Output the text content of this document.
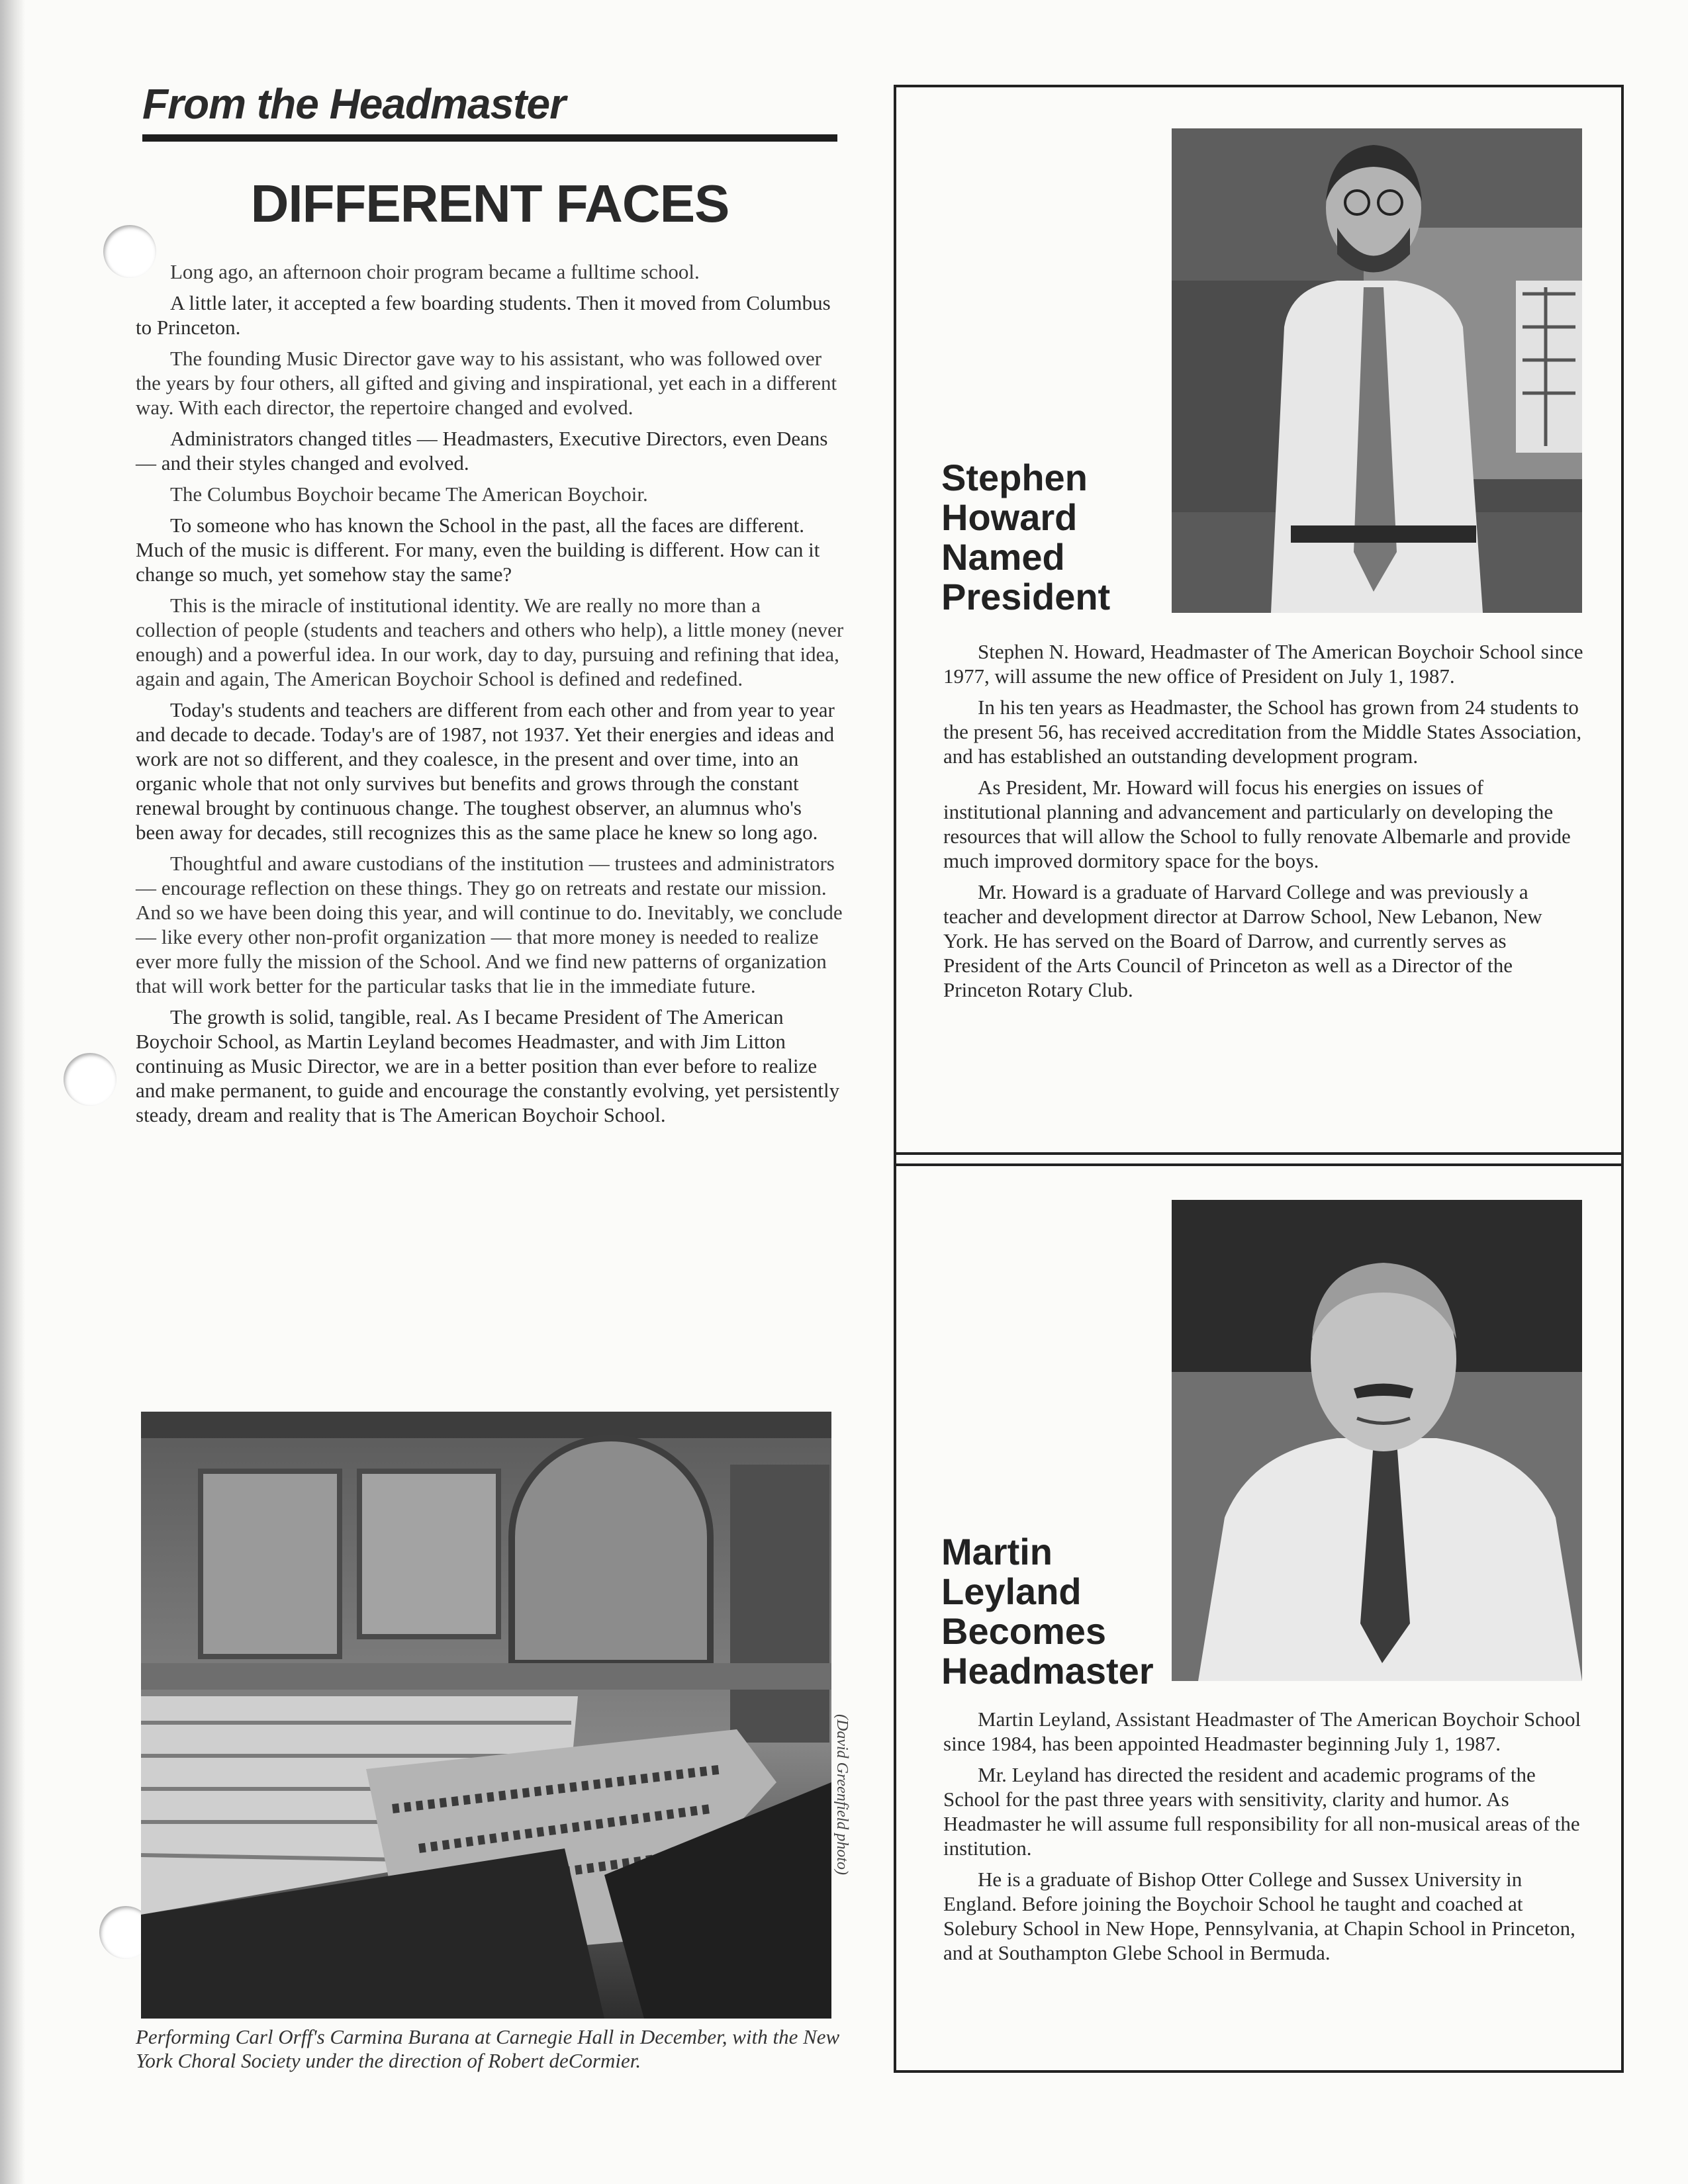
From the Headmaster
DIFFERENT FACES

Long ago, an afternoon choir program became a fulltime school.

A little later, it accepted a few boarding students. Then it moved from Columbus to Princeton.

The founding Music Director gave way to his assistant, who was followed over the years by four others, all gifted and giving and inspirational, yet each in a different way. With each director, the repertoire changed and evolved.

Administrators changed titles — Headmasters, Executive Directors, even Deans — and their styles changed and evolved.

The Columbus Boychoir became The American Boychoir.

To someone who has known the School in the past, all the faces are different. Much of the music is different. For many, even the building is different. How can it change so much, yet somehow stay the same?

This is the miracle of institutional identity. We are really no more than a collection of people (students and teachers and others who help), a little money (never enough) and a powerful idea. In our work, day to day, pursuing and refining that idea, again and again, The American Boychoir School is defined and redefined.

Today's students and teachers are different from each other and from year to year and decade to decade. Today's are of 1987, not 1937. Yet their energies and ideas and work are not so different, and they coalesce, in the present and over time, into an organic whole that not only survives but benefits and grows through the constant renewal brought by continuous change. The toughest observer, an alumnus who's been away for decades, still recognizes this as the same place he knew so long ago.

Thoughtful and aware custodians of the institution — trustees and administrators — encourage reflection on these things. They go on retreats and restate our mission. And so we have been doing this year, and will continue to do. Inevitably, we conclude — like every other non-profit organization — that more money is needed to realize ever more fully the mission of the School. And we find new patterns of organization that will work better for the particular tasks that lie in the immediate future.

The growth is solid, tangible, real. As I became President of The American Boychoir School, as Martin Leyland becomes Headmaster, and with Jim Litton continuing as Music Director, we are in a better position than ever before to realize and make permanent, to guide and encourage the constantly evolving, yet persistently steady, dream and reality that is The American Boychoir School.

(David Greenfield photo)
Performing Carl Orff's Carmina Burana at Carnegie Hall in December, with the New York Choral Society under the direction of Robert deCormier.
Stephen
Howard
Named
President

Stephen N. Howard, Headmaster of The American Boychoir School since 1977, will assume the new office of President on July 1, 1987.

In his ten years as Headmaster, the School has grown from 24 students to the present 56, has received accreditation from the Middle States Association, and has established an outstanding development program.

As President, Mr. Howard will focus his energies on issues of institutional planning and advancement and particularly on developing the resources that will allow the School to fully renovate Albemarle and provide much improved dormitory space for the boys.

Mr. Howard is a graduate of Harvard College and was previously a teacher and development director at Darrow School, New Lebanon, New York. He has served on the Board of Darrow, and currently serves as President of the Arts Council of Princeton as well as a Director of the Princeton Rotary Club.

Martin
Leyland
Becomes
Headmaster

Martin Leyland, Assistant Headmaster of The American Boychoir School since 1984, has been appointed Headmaster beginning July 1, 1987.

Mr. Leyland has directed the resident and academic programs of the School for the past three years with sensitivity, clarity and humor. As Headmaster he will assume full responsibility for all non-musical areas of the institution.

He is a graduate of Bishop Otter College and Sussex University in England. Before joining the Boychoir School he taught and coached at Solebury School in New Hope, Pennsylvania, at Chapin School in Princeton, and at Southampton Glebe School in Bermuda.
